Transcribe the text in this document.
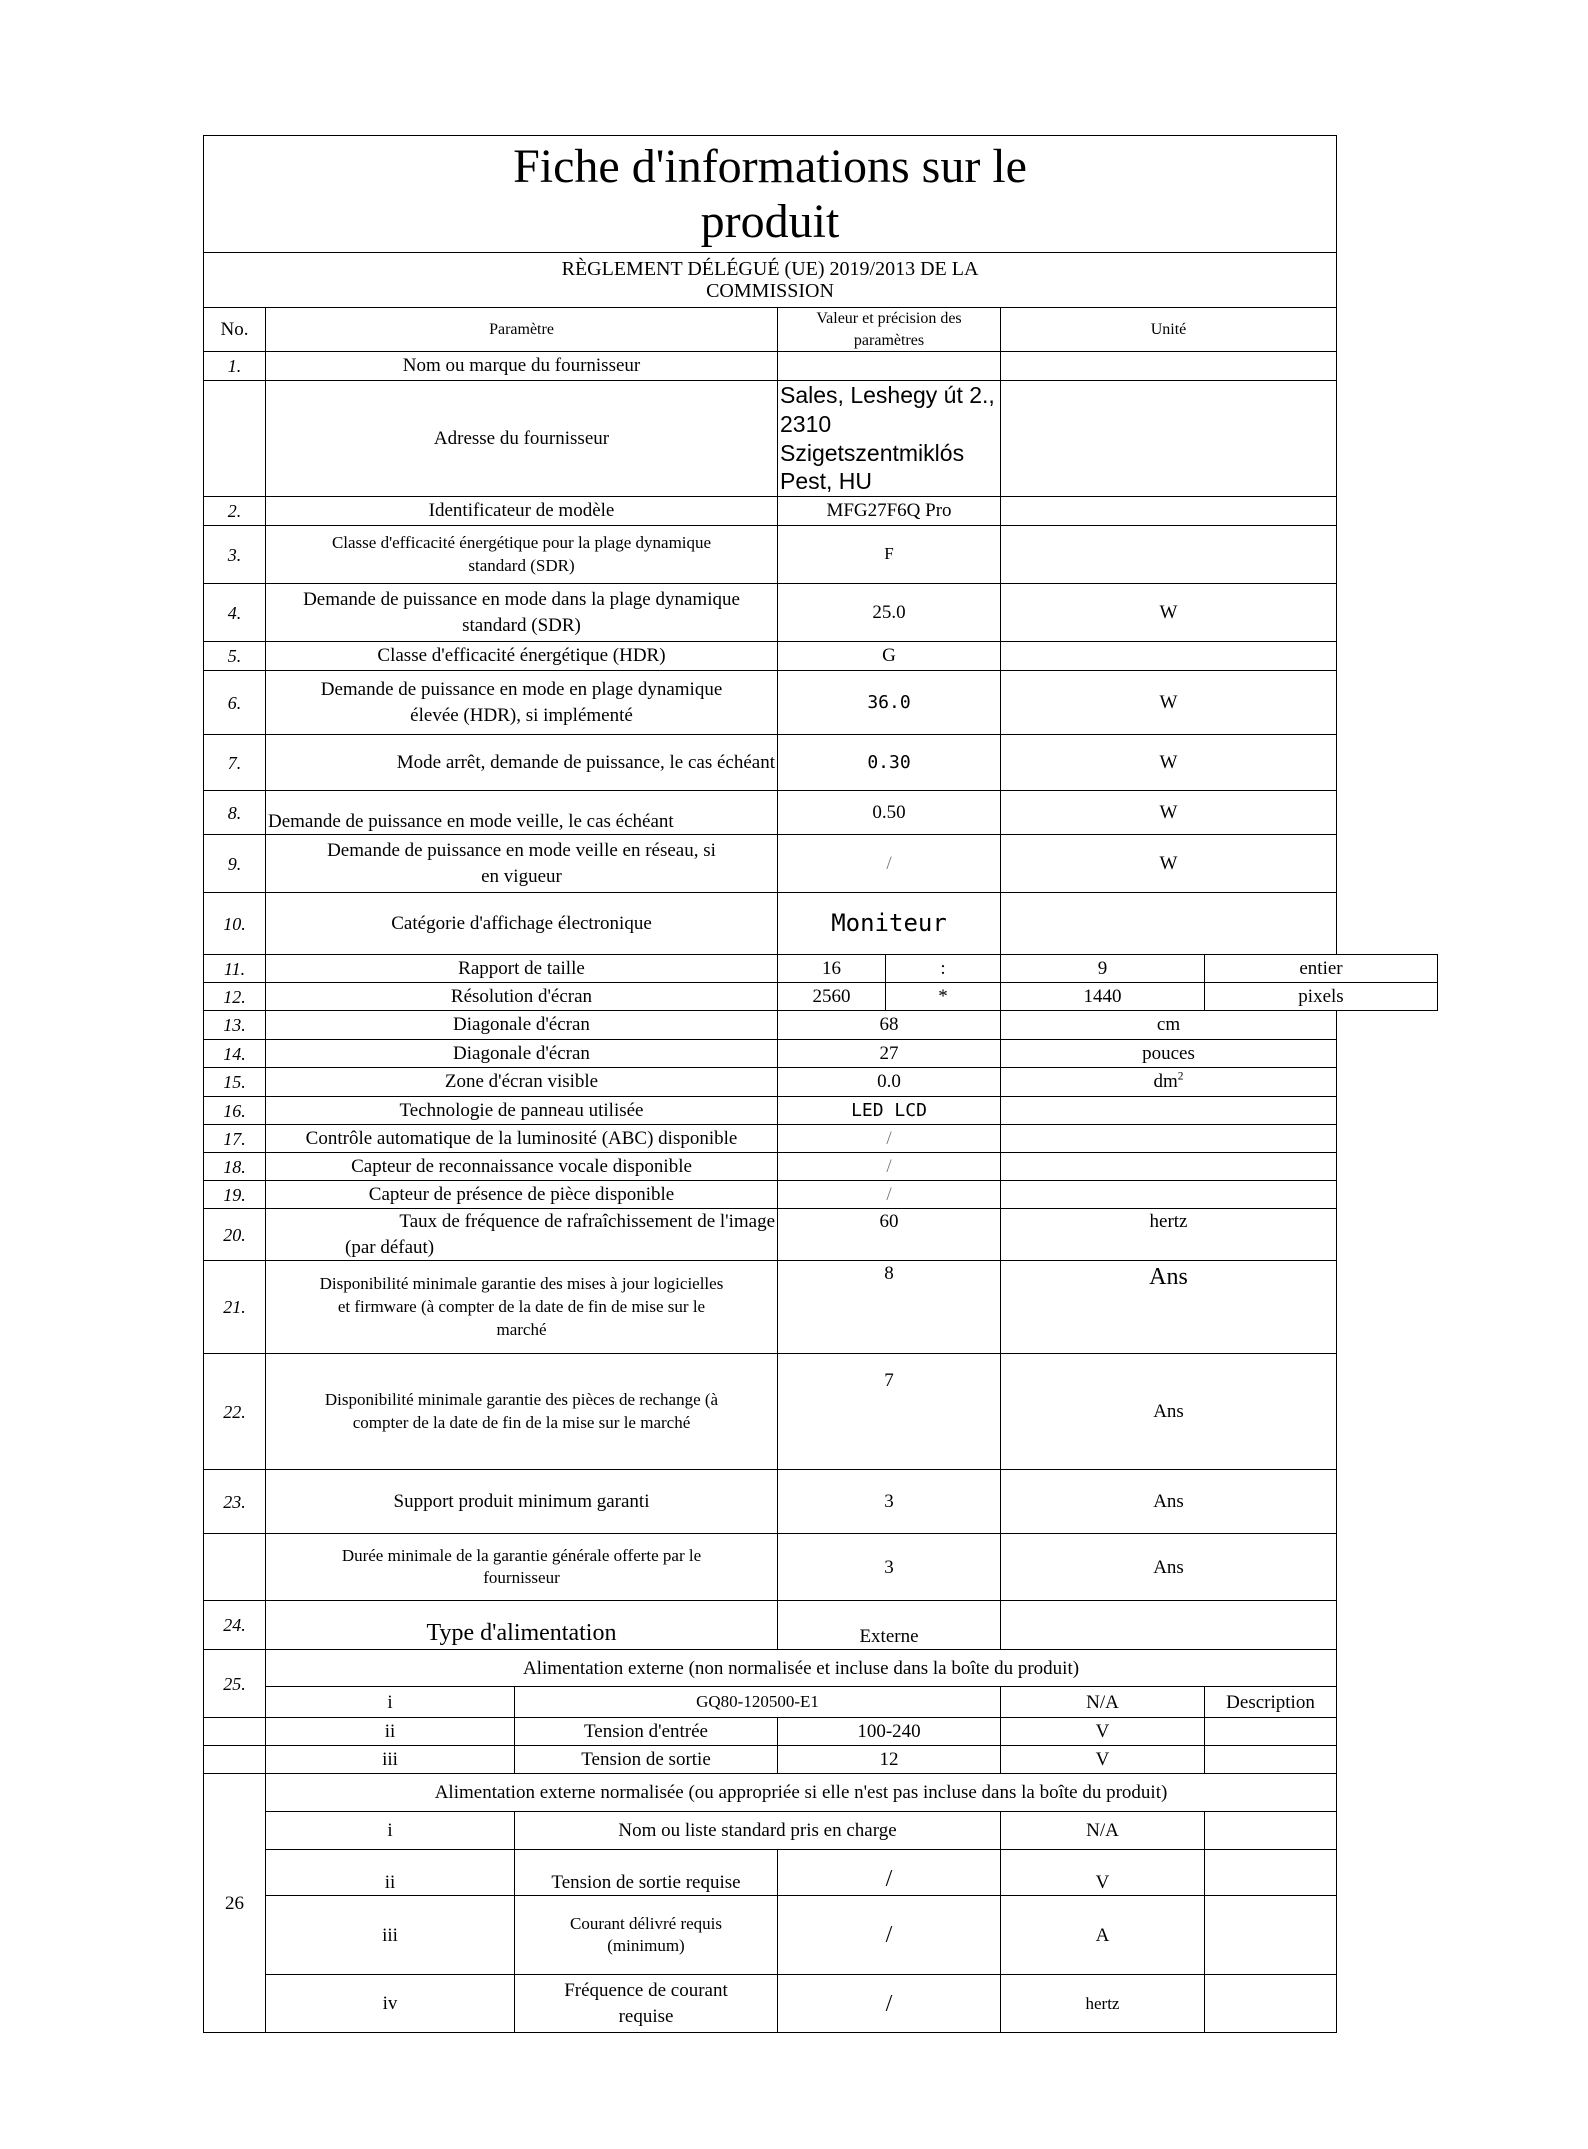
Fiche d'informations sur le
produit						
RÈGLEMENT DÉLÉGUÉ (UE) 2019/2013 DE LA
COMMISSION						
No.	Paramètre		Valeur et précision des paramètres		Unité	
1.	Nom ou marque du fournisseur					
	Adresse du fournisseur		Sales, Leshegy út 2., 2310
Szigetszentmiklós Pest, HU			
2.	Identificateur de modèle		MFG27F6Q Pro			
3.	Classe d'efficacité énergétique pour la plage dynamique
standard (SDR)		F			
4.	Demande de puissance en mode dans la plage dynamique
standard (SDR)		25.0		W	
5.	Classe d'efficacité énergétique (HDR)		G			
6.	Demande de puissance en mode en plage dynamique
élevée (HDR), si implémenté		36.0		W	
7.	Mode arrêt, demande de puissance, le cas échéant		0.30		W	
8.	Demande de puissance en mode veille, le cas échéant		0.50		W	
9.	Demande de puissance en mode veille en réseau, si
en vigueur		/		W	
10.	Catégorie d'affichage électronique		Moniteur			
11.	Rapport de taille		16	:	9	entier
12.	Résolution d'écran		2560	*	1440	pixels
13.	Diagonale d'écran		68		cm	
14.	Diagonale d'écran		27		pouces	
15.	Zone d'écran visible		0.0		$dm^2$
16.	Technologie de panneau utilisée		LED LCD			
17.	Contrôle automatique de la luminosité (ABC) disponible		/			
18.	Capteur de reconnaissance vocale disponible		/			
19.	Capteur de présence de pièce disponible		/			
20.	Taux de fréquence de rafraîchissement de l'image
(par défaut)		60		hertz	
21.	Disponibilité minimale garantie des mises à jour logicielles
et firmware (à compter de la date de fin de mise sur le
marché		8		Ans	
22.	Disponibilité minimale garantie des pièces de rechange (à
compter de la date de fin de la mise sur le marché		7		Ans	
23.	Support produit minimum garanti		3		Ans	
	Durée minimale de la garantie générale offerte par le
fournisseur		3		Ans	
24.	Type d'alimentation		Externe			
25.	Alimentation externe (non normalisée et incluse dans la boîte du produit)					
	i	GQ80-120500-E1			N/A	Description
	ii	Tension d'entrée	100-240		V	
	iii	Tension de sortie	12		V	
26	Alimentation externe normalisée (ou appropriée si elle n'est pas incluse dans la boîte du produit)					
	i	Nom ou liste standard pris en charge			N/A	
	ii	Tension de sortie requise	/		V	
	iii	Courant délivré requis
(minimum)	/		A	
	iv	Fréquence de courant
requise	/		hertz	
